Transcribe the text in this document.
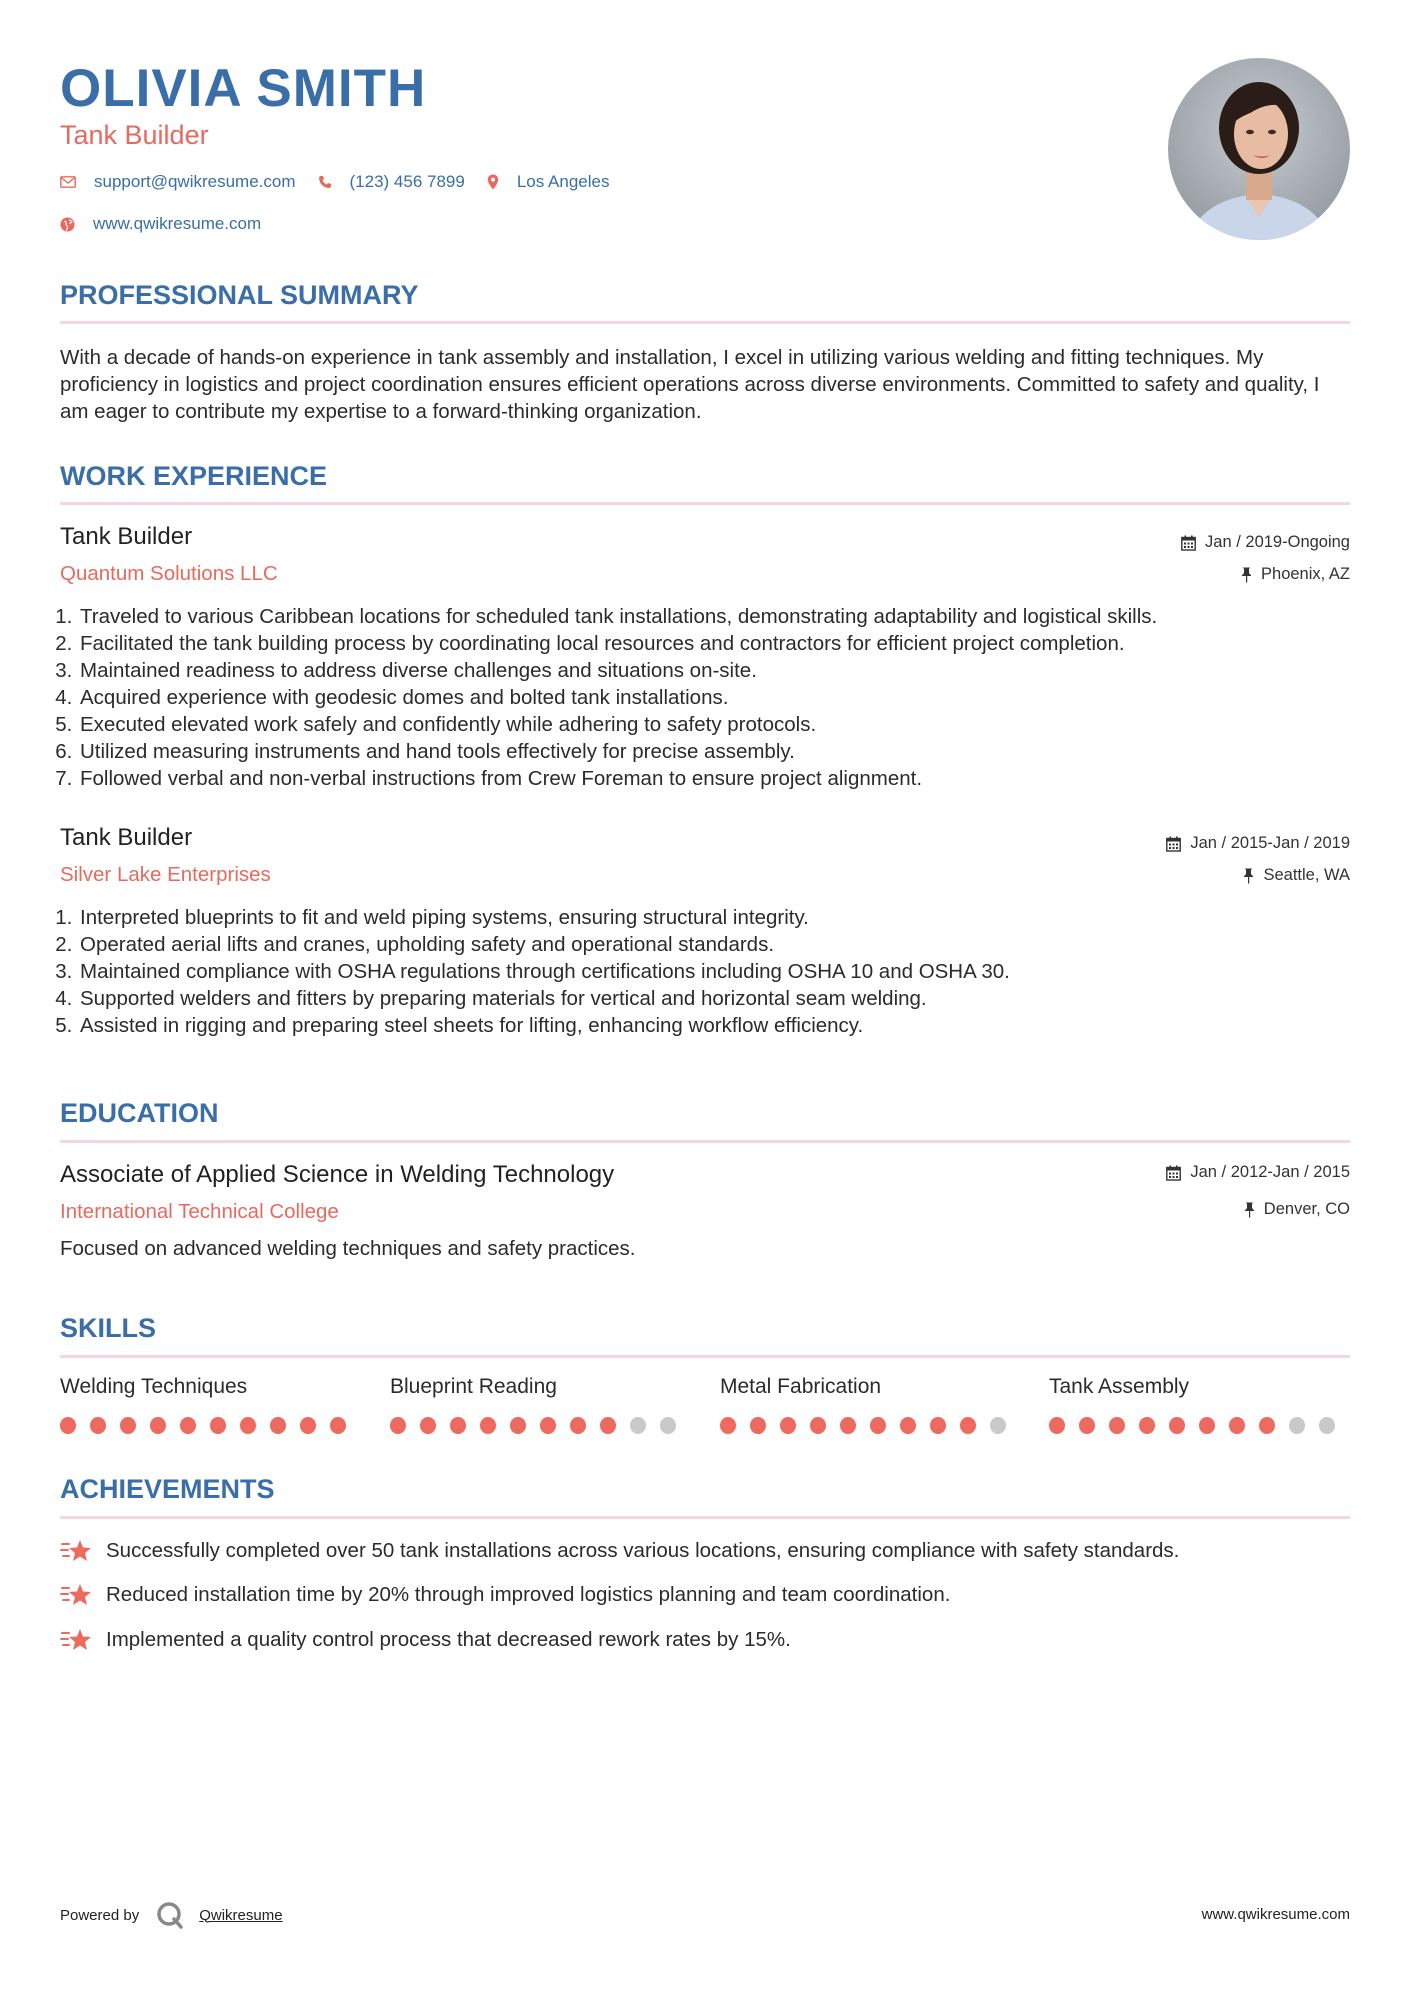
OLIVIA SMITH
Tank Builder
support@qwikresume.com	(123) 456 7899	Los Angeles
www.qwikresume.com
PROFESSIONAL SUMMARY
With a decade of hands-on experience in tank assembly and installation, I excel in utilizing various welding and fitting techniques. My proficiency in logistics and project coordination ensures efficient operations across diverse environments. Committed to safety and quality, I am eager to contribute my expertise to a forward-thinking organization.
WORK EXPERIENCE
Tank Builder
Quantum Solutions LLC
Jan / 2019-Ongoing
Phoenix, AZ
1. Traveled to various Caribbean locations for scheduled tank installations, demonstrating adaptability and logistical skills.
2. Facilitated the tank building process by coordinating local resources and contractors for efficient project completion.
3. Maintained readiness to address diverse challenges and situations on-site.
4. Acquired experience with geodesic domes and bolted tank installations.
5. Executed elevated work safely and confidently while adhering to safety protocols.
6. Utilized measuring instruments and hand tools effectively for precise assembly.
7. Followed verbal and non-verbal instructions from Crew Foreman to ensure project alignment.
Tank Builder
Silver Lake Enterprises
Jan / 2015-Jan / 2019
Seattle, WA
1. Interpreted blueprints to fit and weld piping systems, ensuring structural integrity.
2. Operated aerial lifts and cranes, upholding safety and operational standards.
3. Maintained compliance with OSHA regulations through certifications including OSHA 10 and OSHA 30.
4. Supported welders and fitters by preparing materials for vertical and horizontal seam welding.
5. Assisted in rigging and preparing steel sheets for lifting, enhancing workflow efficiency.
EDUCATION
Associate of Applied Science in Welding Technology
International Technical College
Jan / 2012-Jan / 2015
Denver, CO
Focused on advanced welding techniques and safety practices.
SKILLS
Welding Techniques	Blueprint Reading	Metal Fabrication	Tank Assembly
ACHIEVEMENTS
Successfully completed over 50 tank installations across various locations, ensuring compliance with safety standards.
Reduced installation time by 20% through improved logistics planning and team coordination.
Implemented a quality control process that decreased rework rates by 15%.
Powered by	Qwikresume	www.qwikresume.com
